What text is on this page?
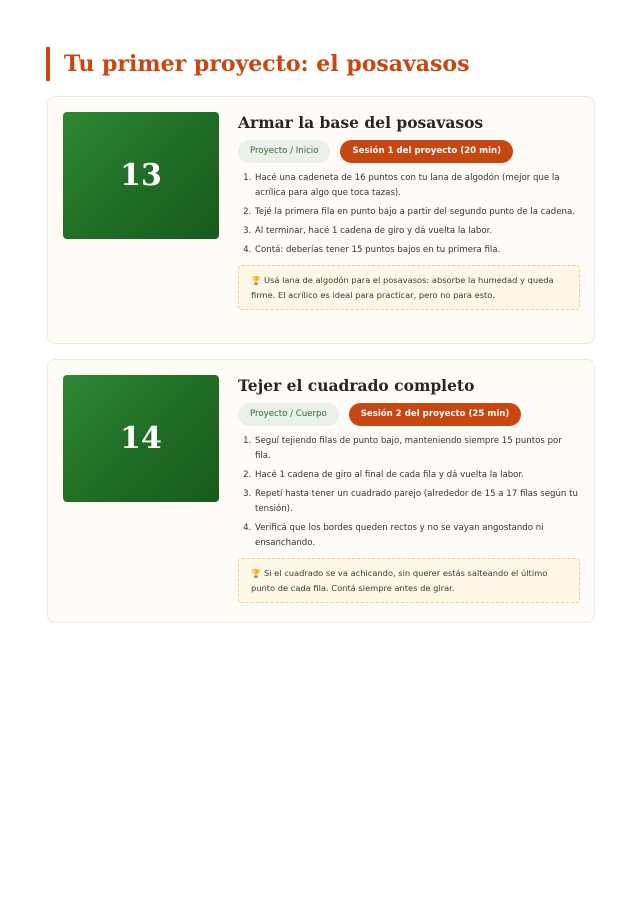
Tu primer proyecto: el posavasos
13
Armar la base del posavasos
Proyecto / Inicio	Sesión 1 del proyecto (20 min)
1. Hacé una cadeneta de 16 puntos con tu lana de algodón (mejor que la acrílica para algo que toca tazas).
2. Tejé la primera fila en punto bajo a partir del segundo punto de la cadena.
3. Al terminar, hacé 1 cadena de giro y dá vuelta la labor.
4. Contá: deberías tener 15 puntos bajos en tu primera fila.
🏆 Usá lana de algodón para el posavasos: absorbe la humedad y queda firme. El acrílico es ideal para practicar, pero no para esto.
14
Tejer el cuadrado completo
Proyecto / Cuerpo	Sesión 2 del proyecto (25 min)
1. Seguí tejiendo filas de punto bajo, manteniendo siempre 15 puntos por fila.
2. Hacé 1 cadena de giro al final de cada fila y dá vuelta la labor.
3. Repetí hasta tener un cuadrado parejo (alrededor de 15 a 17 filas según tu tensión).
4. Verificá que los bordes queden rectos y no se vayan angostando ni ensanchando.
🏆 Si el cuadrado se va achicando, sin querer estás salteando el último punto de cada fila. Contá siempre antes de girar.
